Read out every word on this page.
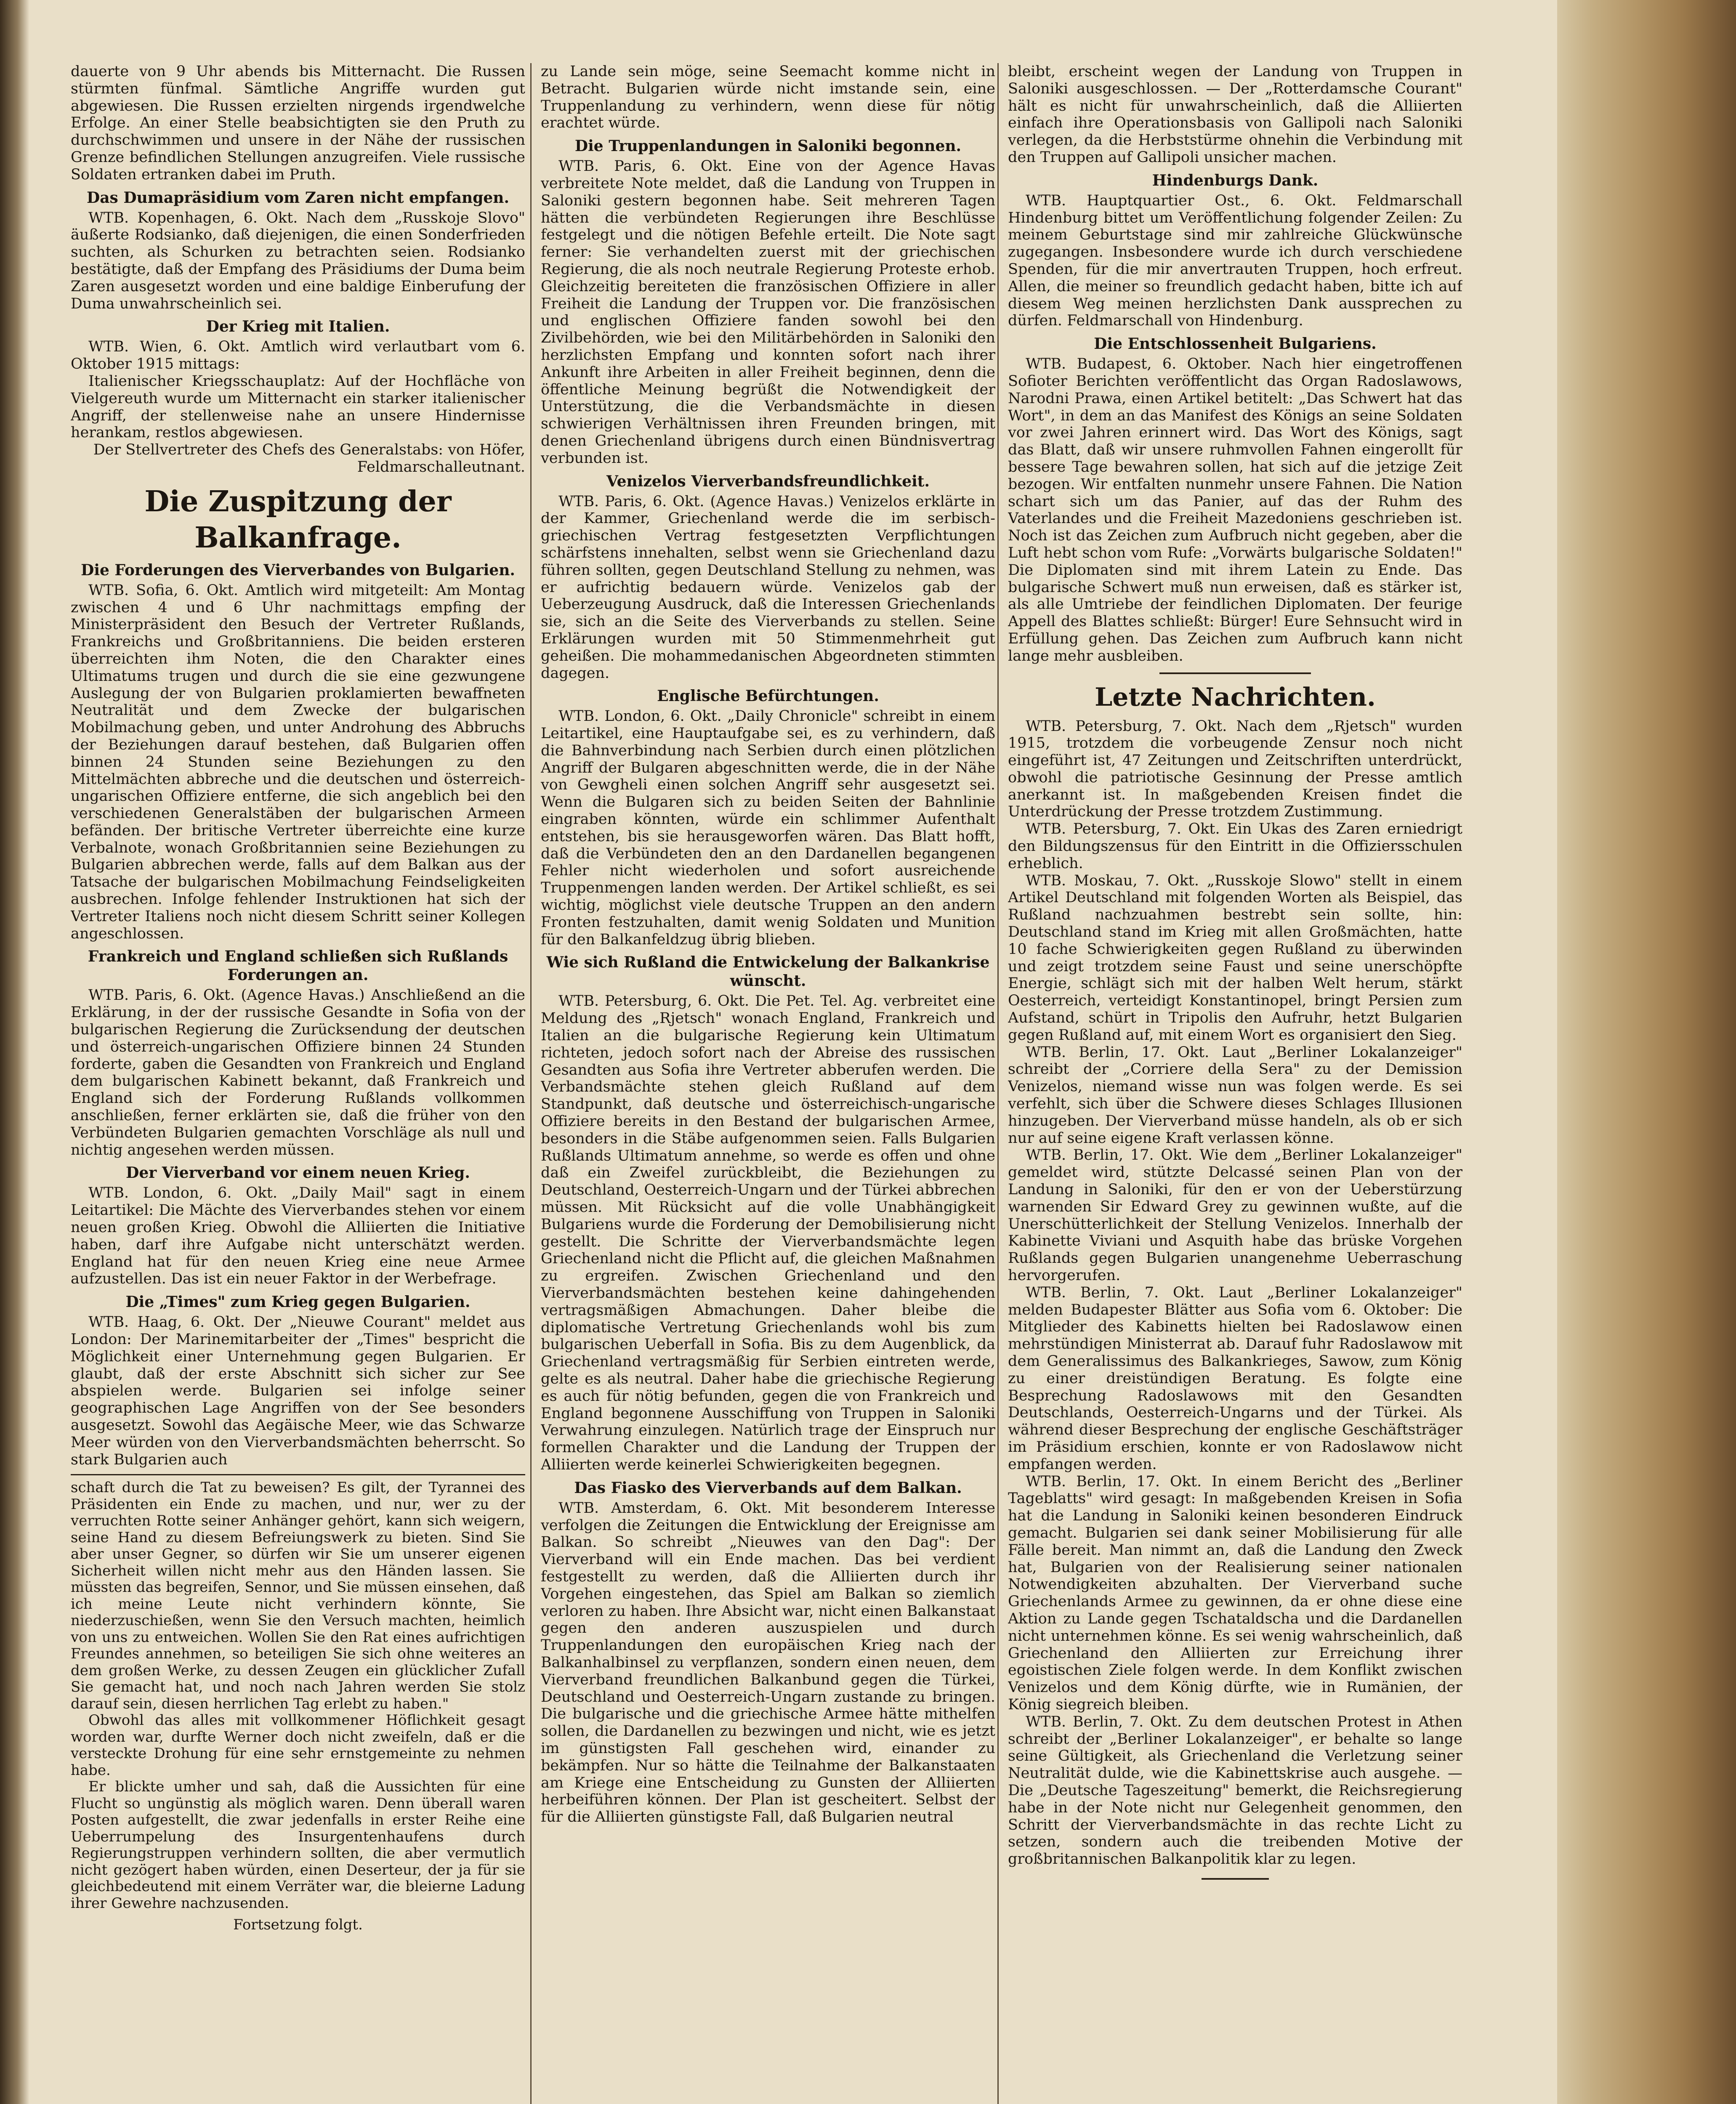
dauerte von 9 Uhr abends bis Mitternacht. Die Russen stürmten fünfmal. Sämtliche Angriffe wurden gut abgewiesen. Die Russen erzielten nirgends irgendwelche Erfolge. An einer Stelle beabsichtigten sie den Pruth zu durchschwimmen und unsere in der Nähe der russischen Grenze befindlichen Stellungen anzugreifen. Viele russische Soldaten ertranken dabei im Pruth.

Das Dumapräsidium vom Zaren nicht empfangen.

WTB. Kopenhagen, 6. Okt. Nach dem „Russkoje Slovo" äußerte Rodsianko, daß diejenigen, die einen Sonderfrieden suchten, als Schurken zu betrachten seien. Rodsianko bestätigte, daß der Empfang des Präsidiums der Duma beim Zaren ausgesetzt worden und eine baldige Einberufung der Duma unwahrscheinlich sei.

Der Krieg mit Italien.

WTB. Wien, 6. Okt. Amtlich wird verlautbart vom 6. Oktober 1915 mittags:

Italienischer Kriegsschauplatz: Auf der Hochfläche von Vielgereuth wurde um Mitternacht ein starker italienischer Angriff, der stellenweise nahe an unsere Hindernisse herankam, restlos abgewiesen.

Der Stellvertreter des Chefs des Generalstabs: von Höfer, Feldmarschalleutnant.

Die Zuspitzung der Balkanfrage.
Die Forderungen des Vierverbandes von Bulgarien.

WTB. Sofia, 6. Okt. Amtlich wird mitgeteilt: Am Montag zwischen 4 und 6 Uhr nachmittags empfing der Ministerpräsident den Besuch der Vertreter Rußlands, Frankreichs und Großbritanniens. Die beiden ersteren überreichten ihm Noten, die den Charakter eines Ultimatums trugen und durch die sie eine gezwungene Auslegung der von Bulgarien proklamierten bewaffneten Neutralität und dem Zwecke der bulgarischen Mobilmachung geben, und unter Androhung des Abbruchs der Beziehungen darauf bestehen, daß Bulgarien offen binnen 24 Stunden seine Beziehungen zu den Mittelmächten abbreche und die deutschen und österreich-ungarischen Offiziere entferne, die sich angeblich bei den verschiedenen Generalstäben der bulgarischen Armeen befänden. Der britische Vertreter überreichte eine kurze Verbalnote, wonach Großbritannien seine Beziehungen zu Bulgarien abbrechen werde, falls auf dem Balkan aus der Tatsache der bulgarischen Mobilmachung Feindseligkeiten ausbrechen. Infolge fehlender Instruktionen hat sich der Vertreter Italiens noch nicht diesem Schritt seiner Kollegen angeschlossen.

Frankreich und England schließen sich Rußlands Forderungen an.

WTB. Paris, 6. Okt. (Agence Havas.) Anschließend an die Erklärung, in der der russische Gesandte in Sofia von der bulgarischen Regierung die Zurücksendung der deutschen und österreich-ungarischen Offiziere binnen 24 Stunden forderte, gaben die Gesandten von Frankreich und England dem bulgarischen Kabinett bekannt, daß Frankreich und England sich der Forderung Rußlands vollkommen anschließen, ferner erklärten sie, daß die früher von den Verbündeten Bulgarien gemachten Vorschläge als null und nichtig angesehen werden müssen.

Der Vierverband vor einem neuen Krieg.

WTB. London, 6. Okt. „Daily Mail" sagt in einem Leitartikel: Die Mächte des Vierverbandes stehen vor einem neuen großen Krieg. Obwohl die Alliierten die Initiative haben, darf ihre Aufgabe nicht unterschätzt werden. England hat für den neuen Krieg eine neue Armee aufzustellen. Das ist ein neuer Faktor in der Werbefrage.

Die „Times" zum Krieg gegen Bulgarien.

WTB. Haag, 6. Okt. Der „Nieuwe Courant" meldet aus London: Der Marinemitarbeiter der „Times" bespricht die Möglichkeit einer Unternehmung gegen Bulgarien. Er glaubt, daß der erste Abschnitt sich sicher zur See abspielen werde. Bulgarien sei infolge seiner geographischen Lage Angriffen von der See besonders ausgesetzt. Sowohl das Aegäische Meer, wie das Schwarze Meer würden von den Vierverbandsmächten beherrscht. So stark Bulgarien auch

schaft durch die Tat zu beweisen? Es gilt, der Tyrannei des Präsidenten ein Ende zu machen, und nur, wer zu der verruchten Rotte seiner Anhänger gehört, kann sich weigern, seine Hand zu diesem Befreiungswerk zu bieten. Sind Sie aber unser Gegner, so dürfen wir Sie um unserer eigenen Sicherheit willen nicht mehr aus den Händen lassen. Sie müssten das begreifen, Sennor, und Sie müssen einsehen, daß ich meine Leute nicht verhindern könnte, Sie niederzuschießen, wenn Sie den Versuch machten, heimlich von uns zu entweichen. Wollen Sie den Rat eines aufrichtigen Freundes annehmen, so beteiligen Sie sich ohne weiteres an dem großen Werke, zu dessen Zeugen ein glücklicher Zufall Sie gemacht hat, und noch nach Jahren werden Sie stolz darauf sein, diesen herrlichen Tag erlebt zu haben."

Obwohl das alles mit vollkommener Höflichkeit gesagt worden war, durfte Werner doch nicht zweifeln, daß er die versteckte Drohung für eine sehr ernstgemeinte zu nehmen habe.

Er blickte umher und sah, daß die Aussichten für eine Flucht so ungünstig als möglich waren. Denn überall waren Posten aufgestellt, die zwar jedenfalls in erster Reihe eine Ueberrumpelung des Insurgentenhaufens durch Regierungstruppen verhindern sollten, die aber vermutlich nicht gezögert haben würden, einen Deserteur, der ja für sie gleichbedeutend mit einem Verräter war, die bleierne Ladung ihrer Gewehre nachzusenden.

Fortsetzung folgt.

zu Lande sein möge, seine Seemacht komme nicht in Betracht. Bulgarien würde nicht imstande sein, eine Truppenlandung zu verhindern, wenn diese für nötig erachtet würde.

Die Truppenlandungen in Saloniki begonnen.

WTB. Paris, 6. Okt. Eine von der Agence Havas verbreitete Note meldet, daß die Landung von Truppen in Saloniki gestern begonnen habe. Seit mehreren Tagen hätten die verbündeten Regierungen ihre Beschlüsse festgelegt und die nötigen Befehle erteilt. Die Note sagt ferner: Sie verhandelten zuerst mit der griechischen Regierung, die als noch neutrale Regierung Proteste erhob. Gleichzeitig bereiteten die französischen Offiziere in aller Freiheit die Landung der Truppen vor. Die französischen und englischen Offiziere fanden sowohl bei den Zivilbehörden, wie bei den Militärbehörden in Saloniki den herzlichsten Empfang und konnten sofort nach ihrer Ankunft ihre Arbeiten in aller Freiheit beginnen, denn die öffentliche Meinung begrüßt die Notwendigkeit der Unterstützung, die die Verbandsmächte in diesen schwierigen Verhältnissen ihren Freunden bringen, mit denen Griechenland übrigens durch einen Bündnisvertrag verbunden ist.

Venizelos Vierverbandsfreundlichkeit.

WTB. Paris, 6. Okt. (Agence Havas.) Venizelos erklärte in der Kammer, Griechenland werde die im serbisch-griechischen Vertrag festgesetzten Verpflichtungen schärfstens innehalten, selbst wenn sie Griechenland dazu führen sollten, gegen Deutschland Stellung zu nehmen, was er aufrichtig bedauern würde. Venizelos gab der Ueberzeugung Ausdruck, daß die Interessen Griechenlands sie, sich an die Seite des Vierverbands zu stellen. Seine Erklärungen wurden mit 50 Stimmenmehrheit gut geheißen. Die mohammedanischen Abgeordneten stimmten dagegen.

Englische Befürchtungen.

WTB. London, 6. Okt. „Daily Chronicle" schreibt in einem Leitartikel, eine Hauptaufgabe sei, es zu verhindern, daß die Bahnverbindung nach Serbien durch einen plötzlichen Angriff der Bulgaren abgeschnitten werde, die in der Nähe von Gewgheli einen solchen Angriff sehr ausgesetzt sei. Wenn die Bulgaren sich zu beiden Seiten der Bahnlinie eingraben könnten, würde ein schlimmer Aufenthalt entstehen, bis sie herausgeworfen wären. Das Blatt hofft, daß die Verbündeten den an den Dardanellen begangenen Fehler nicht wiederholen und sofort ausreichende Truppenmengen landen werden. Der Artikel schließt, es sei wichtig, möglichst viele deutsche Truppen an den andern Fronten festzuhalten, damit wenig Soldaten und Munition für den Balkanfeldzug übrig blieben.

Wie sich Rußland die Entwickelung der Balkankrise wünscht.

WTB. Petersburg, 6. Okt. Die Pet. Tel. Ag. verbreitet eine Meldung des „Rjetsch" wonach England, Frankreich und Italien an die bulgarische Regierung kein Ultimatum richteten, jedoch sofort nach der Abreise des russischen Gesandten aus Sofia ihre Vertreter abberufen werden. Die Verbandsmächte stehen gleich Rußland auf dem Standpunkt, daß deutsche und österreichisch-ungarische Offiziere bereits in den Bestand der bulgarischen Armee, besonders in die Stäbe aufgenommen seien. Falls Bulgarien Rußlands Ultimatum annehme, so werde es offen und ohne daß ein Zweifel zurückbleibt, die Beziehungen zu Deutschland, Oesterreich-Ungarn und der Türkei abbrechen müssen. Mit Rücksicht auf die volle Unabhängigkeit Bulgariens wurde die Forderung der Demobilisierung nicht gestellt. Die Schritte der Vierverbandsmächte legen Griechenland nicht die Pflicht auf, die gleichen Maßnahmen zu ergreifen. Zwischen Griechenland und den Vierverbandsmächten bestehen keine dahingehenden vertragsmäßigen Abmachungen. Daher bleibe die diplomatische Vertretung Griechenlands wohl bis zum bulgarischen Ueberfall in Sofia. Bis zu dem Augenblick, da Griechenland vertragsmäßig für Serbien eintreten werde, gelte es als neutral. Daher habe die griechische Regierung es auch für nötig befunden, gegen die von Frankreich und England begonnene Ausschiffung von Truppen in Saloniki Verwahrung einzulegen. Natürlich trage der Einspruch nur formellen Charakter und die Landung der Truppen der Alliierten werde keinerlei Schwierigkeiten begegnen.

Das Fiasko des Vierverbands auf dem Balkan.

WTB. Amsterdam, 6. Okt. Mit besonderem Interesse verfolgen die Zeitungen die Entwicklung der Ereignisse am Balkan. So schreibt „Nieuwes van den Dag": Der Vierverband will ein Ende machen. Das bei verdient festgestellt zu werden, daß die Alliierten durch ihr Vorgehen eingestehen, das Spiel am Balkan so ziemlich verloren zu haben. Ihre Absicht war, nicht einen Balkanstaat gegen den anderen auszuspielen und durch Truppenlandungen den europäischen Krieg nach der Balkanhalbinsel zu verpflanzen, sondern einen neuen, dem Vierverband freundlichen Balkanbund gegen die Türkei, Deutschland und Oesterreich-Ungarn zustande zu bringen. Die bulgarische und die griechische Armee hätte mithelfen sollen, die Dardanellen zu bezwingen und nicht, wie es jetzt im günstigsten Fall geschehen wird, einander zu bekämpfen. Nur so hätte die Teilnahme der Balkanstaaten am Kriege eine Entscheidung zu Gunsten der Alliierten herbeiführen können. Der Plan ist gescheitert. Selbst der für die Alliierten günstigste Fall, daß Bulgarien neutral

bleibt, erscheint wegen der Landung von Truppen in Saloniki ausgeschlossen. — Der „Rotterdamsche Courant" hält es nicht für unwahrscheinlich, daß die Alliierten einfach ihre Operationsbasis von Gallipoli nach Saloniki verlegen, da die Herbststürme ohnehin die Verbindung mit den Truppen auf Gallipoli unsicher machen.

Hindenburgs Dank.

WTB. Hauptquartier Ost., 6. Okt. Feldmarschall Hindenburg bittet um Veröffentlichung folgender Zeilen: Zu meinem Geburtstage sind mir zahlreiche Glückwünsche zugegangen. Insbesondere wurde ich durch verschiedene Spenden, für die mir anvertrauten Truppen, hoch erfreut. Allen, die meiner so freundlich gedacht haben, bitte ich auf diesem Weg meinen herzlichsten Dank aussprechen zu dürfen. Feldmarschall von Hindenburg.

Die Entschlossenheit Bulgariens.

WTB. Budapest, 6. Oktober. Nach hier eingetroffenen Sofioter Berichten veröffentlicht das Organ Radoslawows, Narodni Prawa, einen Artikel betitelt: „Das Schwert hat das Wort", in dem an das Manifest des Königs an seine Soldaten vor zwei Jahren erinnert wird. Das Wort des Königs, sagt das Blatt, daß wir unsere ruhmvollen Fahnen eingerollt für bessere Tage bewahren sollen, hat sich auf die jetzige Zeit bezogen. Wir entfalten nunmehr unsere Fahnen. Die Nation schart sich um das Panier, auf das der Ruhm des Vaterlandes und die Freiheit Mazedoniens geschrieben ist. Noch ist das Zeichen zum Aufbruch nicht gegeben, aber die Luft hebt schon vom Rufe: „Vorwärts bulgarische Soldaten!" Die Diplomaten sind mit ihrem Latein zu Ende. Das bulgarische Schwert muß nun erweisen, daß es stärker ist, als alle Umtriebe der feindlichen Diplomaten. Der feurige Appell des Blattes schließt: Bürger! Eure Sehnsucht wird in Erfüllung gehen. Das Zeichen zum Aufbruch kann nicht lange mehr ausbleiben.

Letzte Nachrichten.

WTB. Petersburg, 7. Okt. Nach dem „Rjetsch" wurden 1915, trotzdem die vorbeugende Zensur noch nicht eingeführt ist, 47 Zeitungen und Zeitschriften unterdrückt, obwohl die patriotische Gesinnung der Presse amtlich anerkannt ist. In maßgebenden Kreisen findet die Unterdrückung der Presse trotzdem Zustimmung.

WTB. Petersburg, 7. Okt. Ein Ukas des Zaren erniedrigt den Bildungszensus für den Eintritt in die Offiziersschulen erheblich.

WTB. Moskau, 7. Okt. „Russkoje Slowo" stellt in einem Artikel Deutschland mit folgenden Worten als Beispiel, das Rußland nachzuahmen bestrebt sein sollte, hin: Deutschland stand im Krieg mit allen Großmächten, hatte 10 fache Schwierigkeiten gegen Rußland zu überwinden und zeigt trotzdem seine Faust und seine unerschöpfte Energie, schlägt sich mit der halben Welt herum, stärkt Oesterreich, verteidigt Konstantinopel, bringt Persien zum Aufstand, schürt in Tripolis den Aufruhr, hetzt Bulgarien gegen Rußland auf, mit einem Wort es organisiert den Sieg.

WTB. Berlin, 17. Okt. Laut „Berliner Lokalanzeiger" schreibt der „Corriere della Sera" zu der Demission Venizelos, niemand wisse nun was folgen werde. Es sei verfehlt, sich über die Schwere dieses Schlages Illusionen hinzugeben. Der Vierverband müsse handeln, als ob er sich nur auf seine eigene Kraft verlassen könne.

WTB. Berlin, 17. Okt. Wie dem „Berliner Lokalanzeiger" gemeldet wird, stützte Delcassé seinen Plan von der Landung in Saloniki, für den er von der Ueberstürzung warnenden Sir Edward Grey zu gewinnen wußte, auf die Unerschütterlichkeit der Stellung Venizelos. Innerhalb der Kabinette Viviani und Asquith habe das brüske Vorgehen Rußlands gegen Bulgarien unangenehme Ueberraschung hervorgerufen.

WTB. Berlin, 7. Okt. Laut „Berliner Lokalanzeiger" melden Budapester Blätter aus Sofia vom 6. Oktober: Die Mitglieder des Kabinetts hielten bei Radoslawow einen mehrstündigen Ministerrat ab. Darauf fuhr Radoslawow mit dem Generalissimus des Balkankrieges, Sawow, zum König zu einer dreistündigen Beratung. Es folgte eine Besprechung Radoslawows mit den Gesandten Deutschlands, Oesterreich-Ungarns und der Türkei. Als während dieser Besprechung der englische Geschäftsträger im Präsidium erschien, konnte er von Radoslawow nicht empfangen werden.

WTB. Berlin, 17. Okt. In einem Bericht des „Berliner Tageblatts" wird gesagt: In maßgebenden Kreisen in Sofia hat die Landung in Saloniki keinen besonderen Eindruck gemacht. Bulgarien sei dank seiner Mobilisierung für alle Fälle bereit. Man nimmt an, daß die Landung den Zweck hat, Bulgarien von der Realisierung seiner nationalen Notwendigkeiten abzuhalten. Der Vierverband suche Griechenlands Armee zu gewinnen, da er ohne diese eine Aktion zu Lande gegen Tschataldscha und die Dardanellen nicht unternehmen könne. Es sei wenig wahrscheinlich, daß Griechenland den Alliierten zur Erreichung ihrer egoistischen Ziele folgen werde. In dem Konflikt zwischen Venizelos und dem König dürfte, wie in Rumänien, der König siegreich bleiben.

WTB. Berlin, 7. Okt. Zu dem deutschen Protest in Athen schreibt der „Berliner Lokalanzeiger", er behalte so lange seine Gültigkeit, als Griechenland die Verletzung seiner Neutralität dulde, wie die Kabinettskrise auch ausgehe. — Die „Deutsche Tageszeitung" bemerkt, die Reichsregierung habe in der Note nicht nur Gelegenheit genommen, den Schritt der Vierverbandsmächte in das rechte Licht zu setzen, sondern auch die treibenden Motive der großbritannischen Balkanpolitik klar zu legen.
